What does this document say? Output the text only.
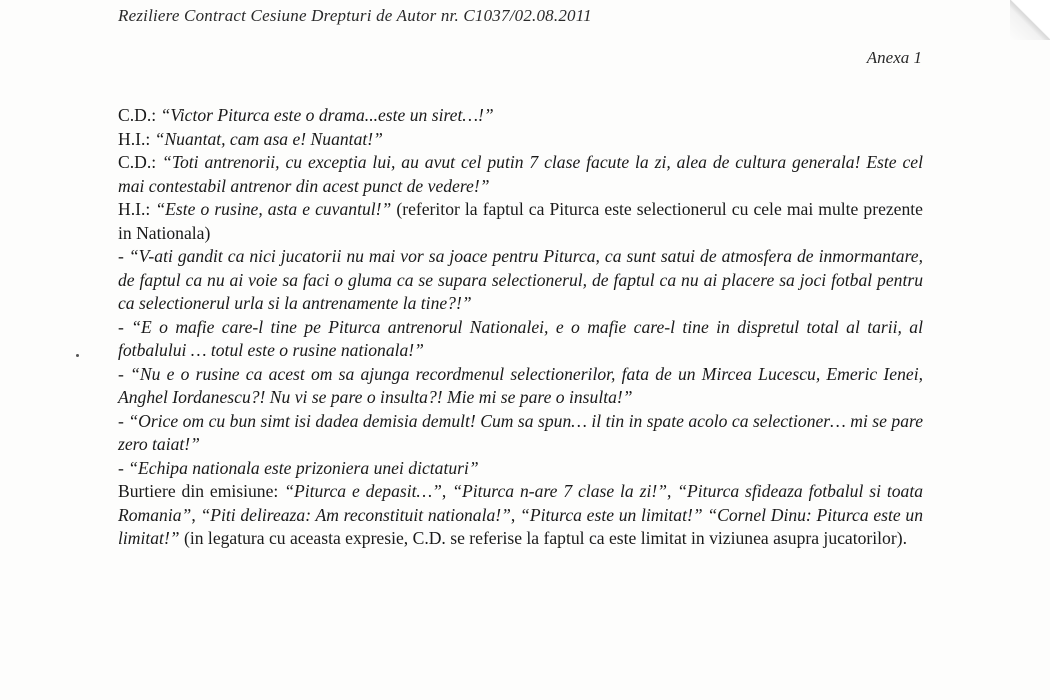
Reziliere Contract Cesiune Drepturi de Autor nr. C1037/02.08.2011
Anexa 1

C.D.: “Victor Piturca este o drama...este un siret…!”

H.I.: “Nuantat, cam asa e! Nuantat!”

C.D.: “Toti antrenorii, cu exceptia lui, au avut cel putin 7 clase facute la zi, alea de cultura generala! Este cel mai contestabil antrenor din acest punct de vedere!”

H.I.: “Este o rusine, asta e cuvantul!” (referitor la faptul ca Piturca este selectionerul cu cele mai multe prezente in Nationala)

- “V-ati gandit ca nici jucatorii nu mai vor sa joace pentru Piturca, ca sunt satui de atmosfera de inmormantare, de faptul ca nu ai voie sa faci o gluma ca se supara selectionerul, de faptul ca nu ai placere sa joci fotbal pentru ca selectionerul urla si la antrenamente la tine?!”

- “E o mafie care-l tine pe Piturca antrenorul Nationalei, e o mafie care-l tine in dispretul total al tarii, al fotbalului … totul este o rusine nationala!”

- “Nu e o rusine ca acest om sa ajunga recordmenul selectionerilor, fata de un Mircea Lucescu, Emeric Ienei, Anghel Iordanescu?! Nu vi se pare o insulta?! Mie mi se pare o insulta!”

- “Orice om cu bun simt isi dadea demisia demult! Cum sa spun… il tin in spate acolo ca selectioner… mi se pare zero taiat!”

- “Echipa nationala este prizoniera unei dictaturi”

Burtiere din emisiune: “Piturca e depasit…”, “Piturca n-are 7 clase la zi!”, “Piturca sfideaza fotbalul si toata Romania”, “Piti delireaza: Am reconstituit nationala!”, “Piturca este un limitat!” “Cornel Dinu: Piturca este un limitat!” (in legatura cu aceasta expresie, C.D. se referise la faptul ca este limitat in viziunea asupra jucatorilor).
